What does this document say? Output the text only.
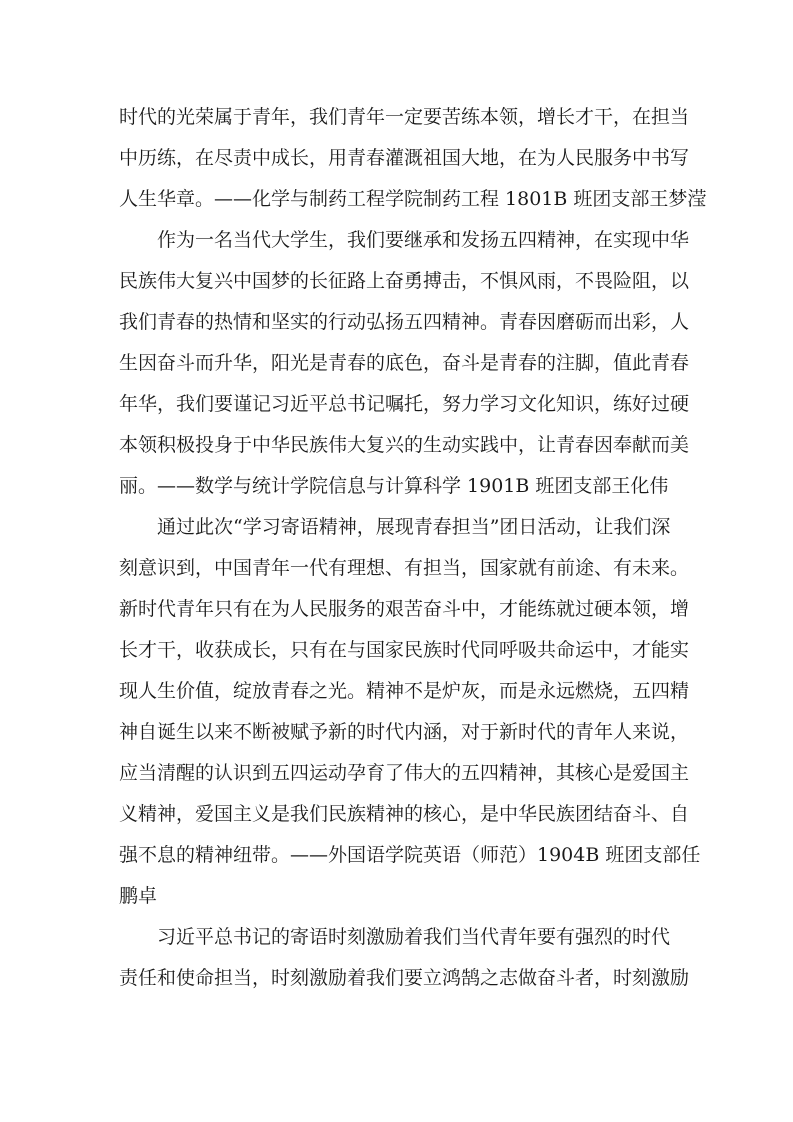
时代的光荣属于青年，我们青年一定要苦练本领，增长才干，在担当
中历练，在尽责中成长，用青春灌溉祖国大地，在为人民服务中书写
人生华章。——化学与制药工程学院制药工程 1801B 班团支部王梦滢
　　作为一名当代大学生，我们要继承和发扬五四精神，在实现中华
民族伟大复兴中国梦的长征路上奋勇搏击，不惧风雨，不畏险阻，以
我们青春的热情和坚实的行动弘扬五四精神。青春因磨砺而出彩，人
生因奋斗而升华，阳光是青春的底色，奋斗是青春的注脚，值此青春
年华，我们要谨记习近平总书记嘱托，努力学习文化知识，练好过硬
本领积极投身于中华民族伟大复兴的生动实践中，让青春因奉献而美
丽。——数学与统计学院信息与计算科学 1901B 班团支部王化伟
　　通过此次“学习寄语精神，展现青春担当”团日活动，让我们深
刻意识到，中国青年一代有理想、有担当，国家就有前途、有未来。
新时代青年只有在为人民服务的艰苦奋斗中，才能练就过硬本领，增
长才干，收获成长，只有在与国家民族时代同呼吸共命运中，才能实
现人生价值，绽放青春之光。精神不是炉灰，而是永远燃烧，五四精
神自诞生以来不断被赋予新的时代内涵，对于新时代的青年人来说，
应当清醒的认识到五四运动孕育了伟大的五四精神，其核心是爱国主
义精神，爱国主义是我们民族精神的核心，是中华民族团结奋斗、自
强不息的精神纽带。——外国语学院英语（师范）1904B 班团支部任
鹏卓
　　习近平总书记的寄语时刻激励着我们当代青年要有强烈的时代
责任和使命担当，时刻激励着我们要立鸿鹄之志做奋斗者，时刻激励
